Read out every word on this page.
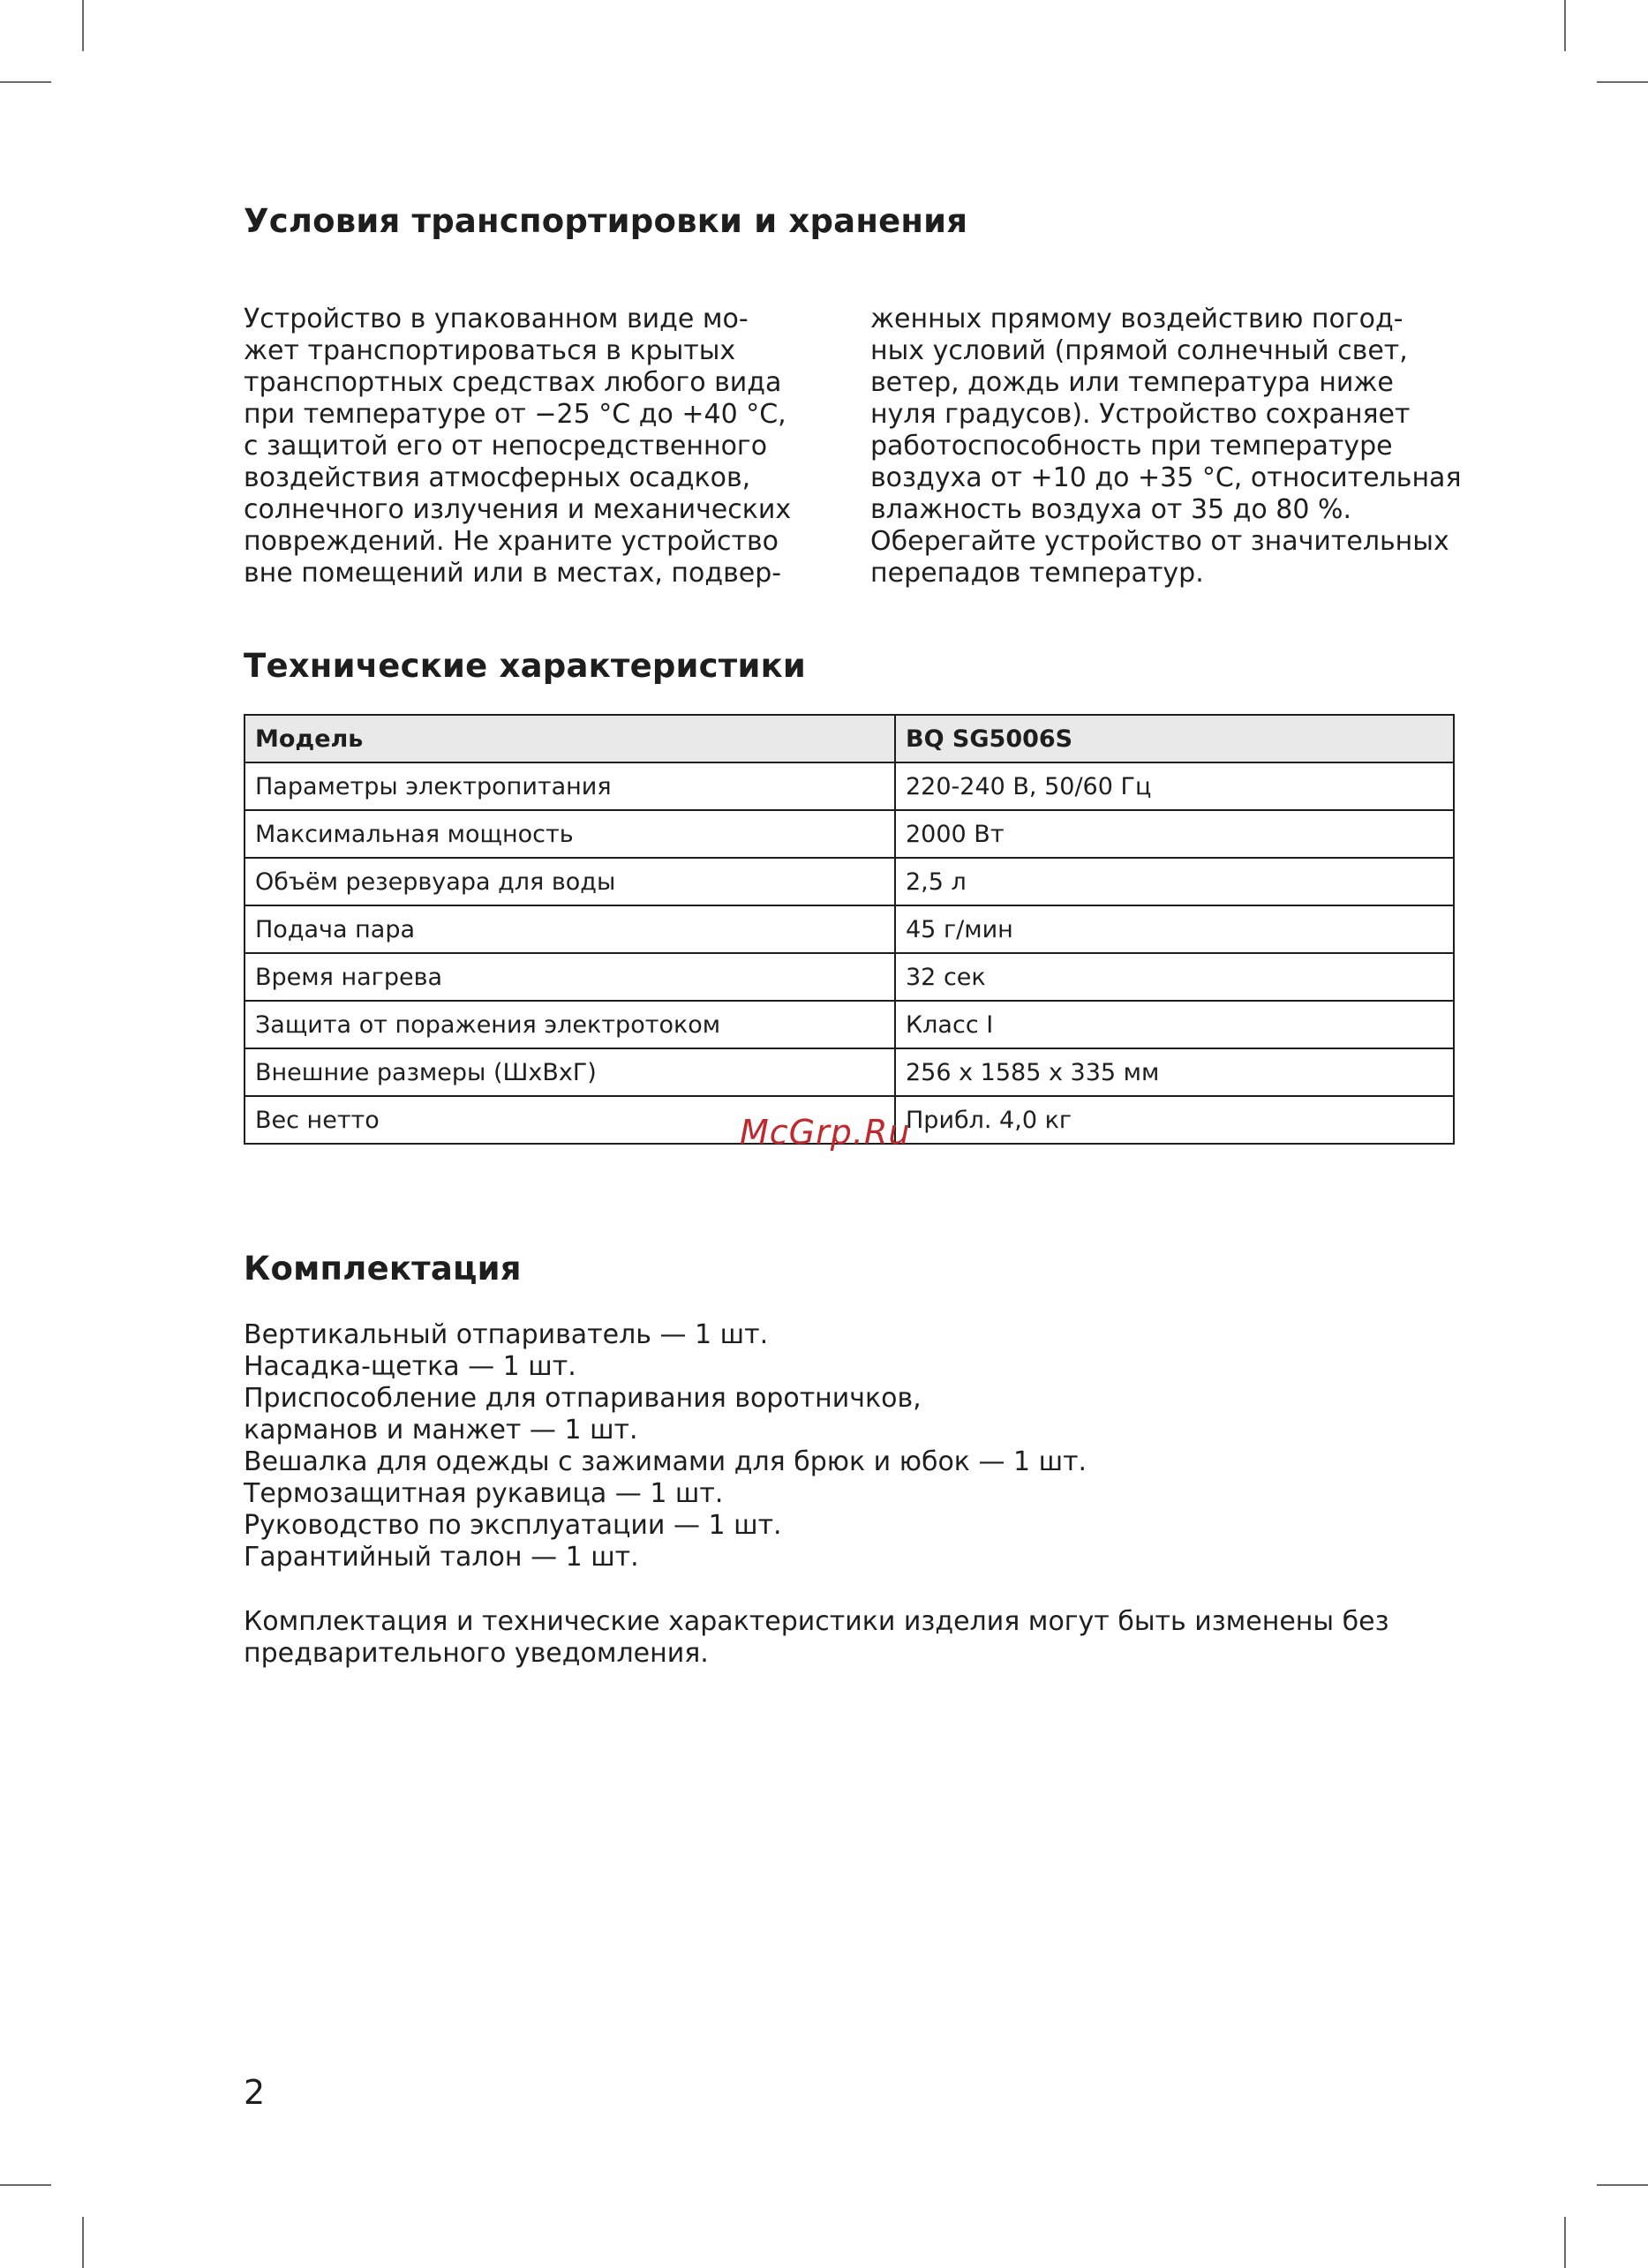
Условия транспортировки и хранения
Устройство в упакованном виде мо-
жет транспортироваться в крытых
транспортных средствах любого вида
при температуре от −25 °С до +40 °С,
с защитой его от непосредственного
воздействия атмосферных осадков,
солнечного излучения и механических
повреждений. Не храните устройство
вне помещений или в местах, подвер-
женных прямому воздействию погод-
ных условий (прямой солнечный свет,
ветер, дождь или температура ниже
нуля градусов). Устройство сохраняет
работоспособность при температуре
воздуха от +10 до +35 °С, относительная
влажность воздуха от 35 до 80 %.
Оберегайте устройство от значительных
перепадов температур.
Технические характеристики
Модель	BQ SG5006S
Параметры электропитания	220-240 В, 50/60 Гц
Максимальная мощность	2000 Вт
Объём резервуара для воды	2,5 л
Подача пара	45 г/мин
Время нагрева	32 сек
Защита от поражения электротоком	Класс I
Внешние размеры (ШхВхГ)	256 x 1585 x 335 мм
Вес нетто	Прибл. 4,0 кг
McGrp.Ru
Комплектация
Вертикальный отпариватель — 1 шт.
Насадка-щетка — 1 шт.
Приспособление для отпаривания воротничков,
карманов и манжет — 1 шт.
Вешалка для одежды с зажимами для брюк и юбок — 1 шт.
Термозащитная рукавица — 1 шт.
Руководство по эксплуатации — 1 шт.
Гарантийный талон — 1 шт.
Комплектация и технические характеристики изделия могут быть изменены без
предварительного уведомления.
2
